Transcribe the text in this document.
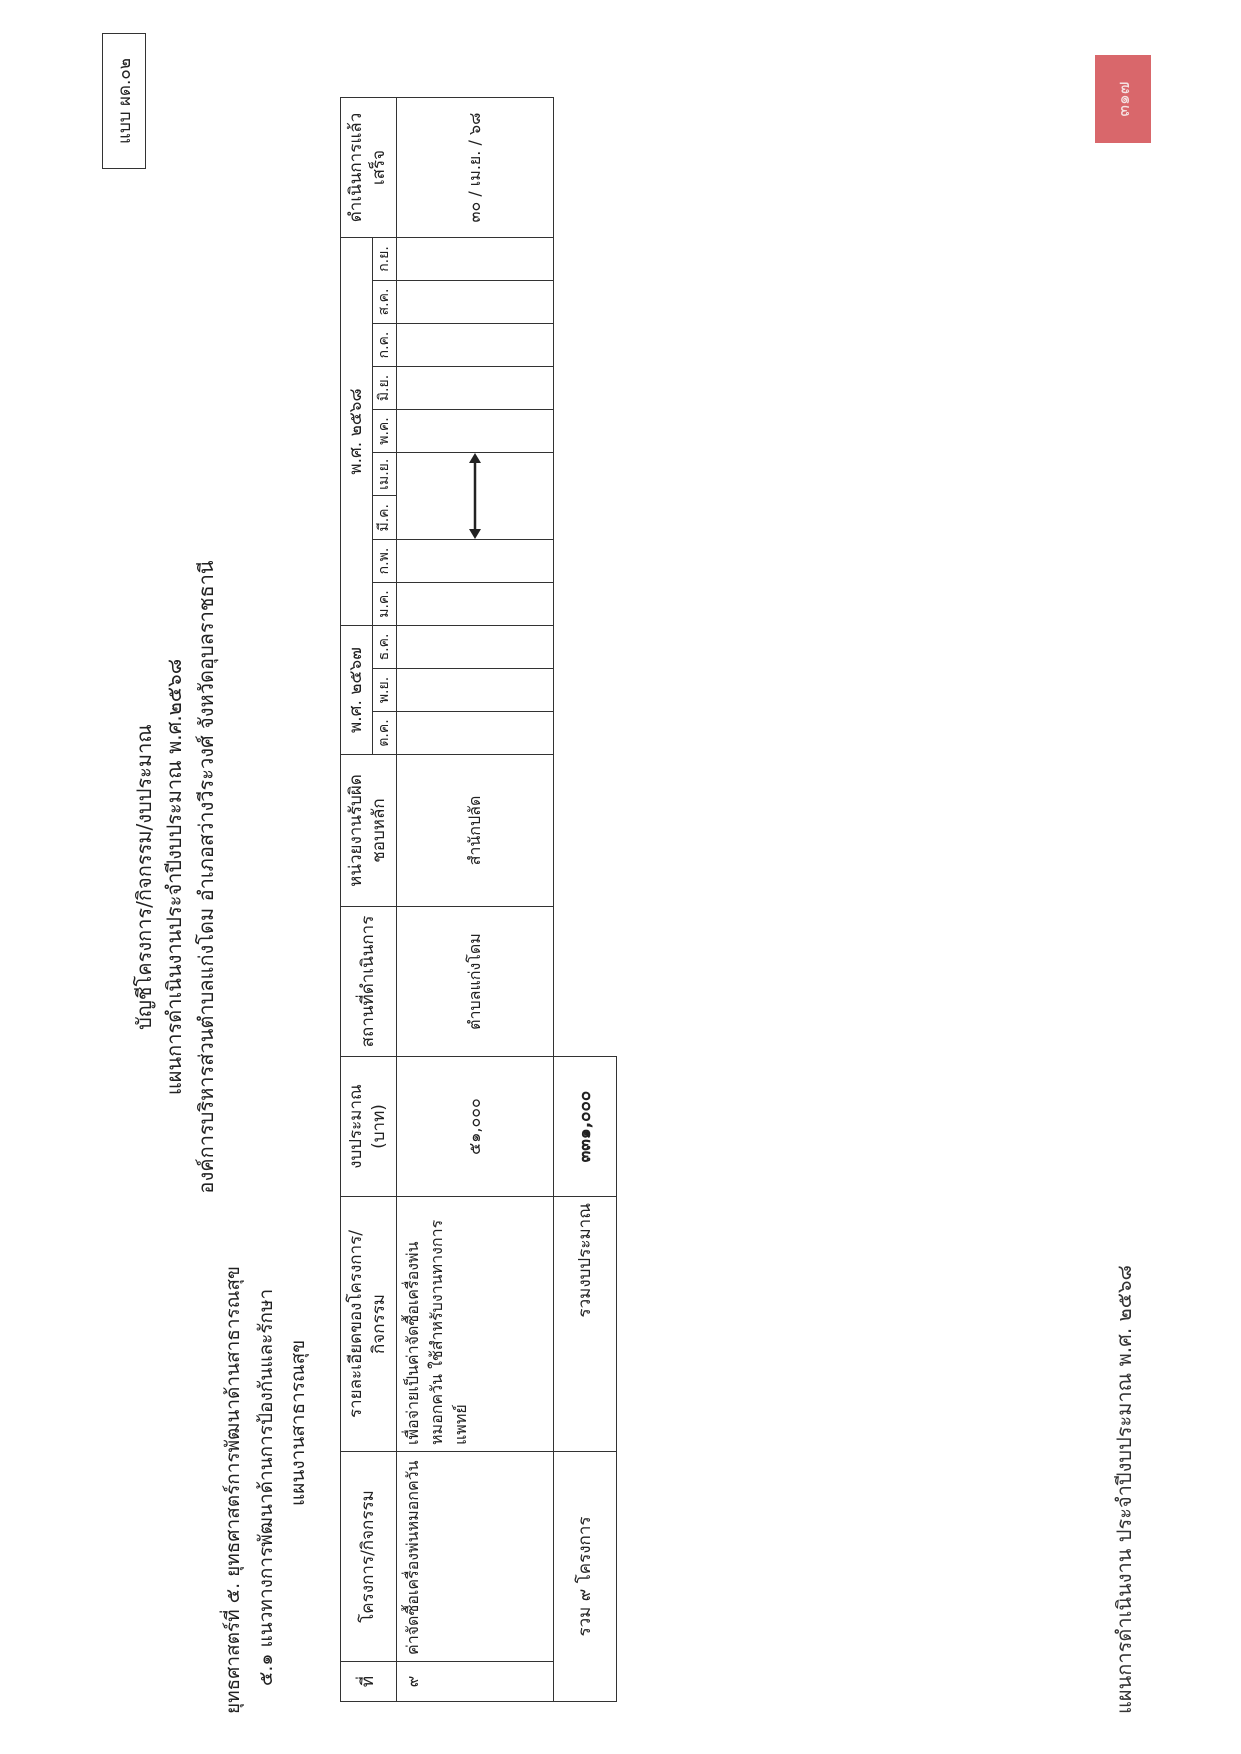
แบบ ผด.๐๒
บัญชีโครงการ/กิจกรรม/งบประมาณ แผนการดำเนินงานประจำปีงบประมาณ พ.ศ.๒๕๖๘ องค์การบริหารส่วนตำบลแก่งโดม อำเภอสว่างวีระวงศ์ จังหวัดอุบลราชธานี
ยุทธศาสตร์ที่ ๕. ยุทธศาสตร์การพัฒนาด้านสาธารณสุข ๕.๑ แนวทางการพัฒนาด้านการป้องกันและรักษา แผนงานสาธารณสุข
ที่	โครงการ/กิจกรรม	รายละเอียดของโครงการ/กิจกรรม	งบประมาณ (บาท)	สถานที่ดำเนินการ	หน่วยงานรับผิดชอบหลัก	พ.ศ. ๒๕๖๗			พ.ศ. ๒๕๖๘									ดำเนินการแล้วเสร็จ
						ต.ค.	พ.ย.	ธ.ค.	ม.ค.	ก.พ.	มี.ค.	เม.ย.	พ.ค.	มิ.ย.	ก.ค.	ส.ค.	ก.ย.	
๙	ค่าจัดซื้อเครื่องพ่นหมอกควัน	เพื่อจ่ายเป็นค่าจัดซื้อเครื่องพ่นหมอกควัน ใช้สำหรับงานทางการแพทย์	๕๑,๐๐๐	ตำบลแก่งโดม	สำนักปลัด													๓๐ / เม.ย. / ๖๘
รวม ๙ โครงการ		รวมงบประมาณ	๓๓๑,๐๐๐															
แผนการดำเนินงาน ประจำปีงบประมาณ พ.ศ. ๒๕๖๘
๓๑๗
